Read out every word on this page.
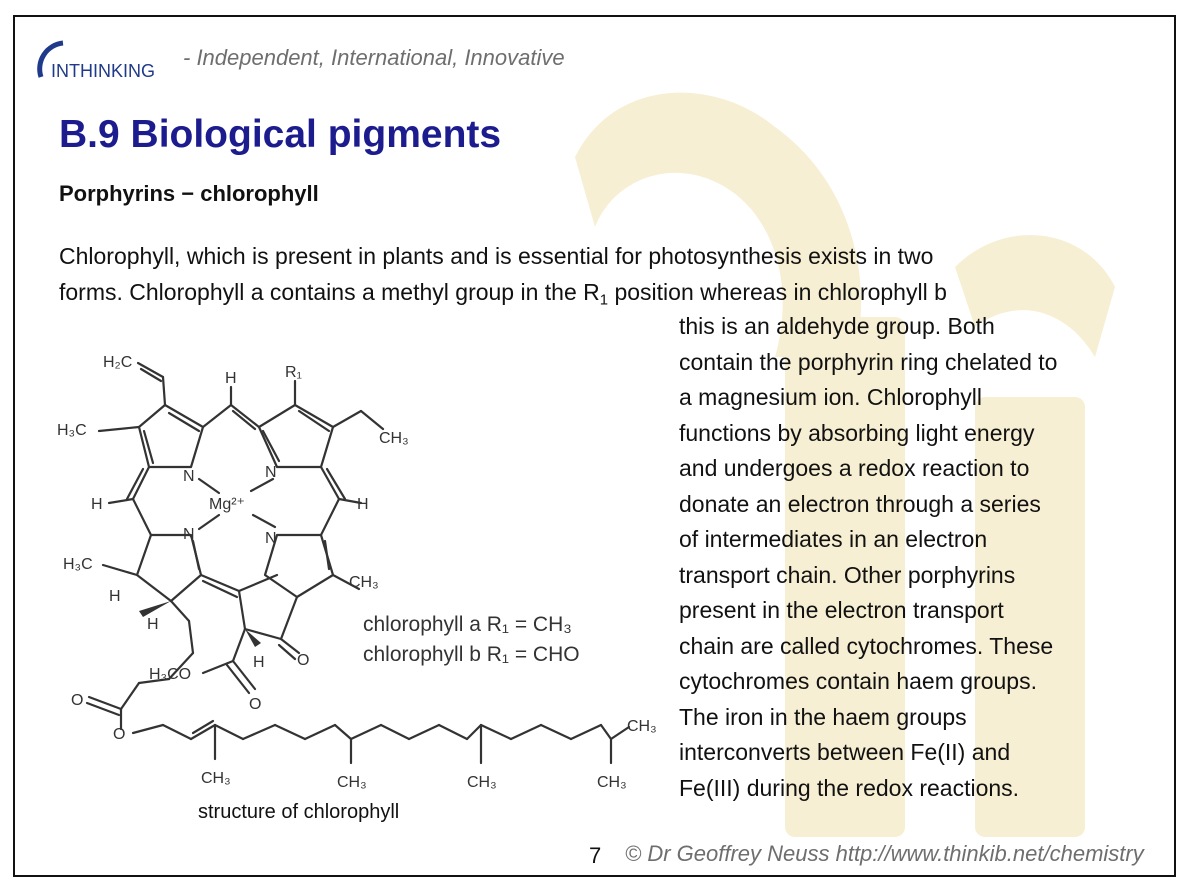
INTHINKING
- Independent, International, Innovative
B.9 Biological pigments
Porphyrins − chlorophyll
Chlorophyll, which is present in plants and is essential for photosynthesis exists in two
forms. Chlorophyll a contains a methyl group in the $R_1$ position whereas in chlorophyll b
this is an aldehyde group. Both
contain the porphyrin ring chelated to
a magnesium ion. Chlorophyll
functions by absorbing light energy
and undergoes a redox reaction to
donate an electron through a series
of intermediates in an electron
transport chain. Other porphyrins
present in the electron transport
chain are called cytochromes. These
cytochromes contain haem groups.
The iron in the haem groups
interconverts between Fe(II) and
Fe(III) during the redox reactions.
H₂C
H₃C
H	R₁
CH₃
H	H
N	N
N	N
Mg²⁺
H₃C
H
H
CH₃
H₃CO
H O
O
O
O
CH₃	CH₃	CH₃	CH₃
CH₃
chlorophyll a R₁ = CH₃
chlorophyll b R₁ = CHO
structure of chlorophyll
7 © Dr Geoffrey Neuss http://www.thinkib.net/chemistry
